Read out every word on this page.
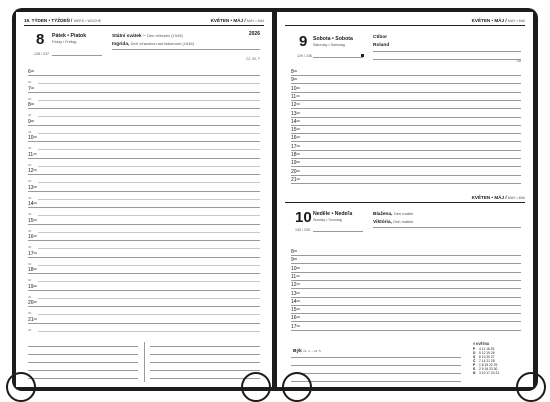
19. TÝDEN • TÝŽDEŇ / WEEK • WOCHE	KVĚTEN • MÁJ / MAY • MAI
8 Pátek • Piatok
Friday • Freitag
128 / 237
Státní svátek – Den vítězství (1945)
Ingrida, Deň víťazstva nad fašizmom (1945)
2026
CZ, SK, F
$6^{00}$
30
$7^{00}$
30
$8^{00}$
30
$9^{00}$
30
$10^{00}$
30
$11^{00}$
30
$12^{00}$
30
$13^{00}$
30
$14^{00}$
30
$15^{00}$
30
$16^{00}$
30
$17^{00}$
30
$18^{00}$
30
$19^{00}$
30
$20^{00}$
30
$21^{00}$
30
KVĚTEN • MÁJ / MAY • MAI
9 Sobota • Sobota
Saturday • Samstag
129 / 236
Ctibor
Roland
UA
$8^{00}$
$9^{00}$
$10^{00}$
$11^{00}$
$12^{00}$
$13^{00}$
$14^{00}$
$15^{00}$
$16^{00}$
$17^{00}$
$18^{00}$
$19^{00}$
$20^{00}$
$21^{00}$
KVĚTEN • MÁJ / MAY • MAI
10 Neděle • Nedeľa
Sunday • Sonntag
130 / 235
Blažena, Den matek
Viktória, Deň matiek
$8^{00}$
$9^{00}$
$10^{00}$
$11^{00}$
$12^{00}$
$13^{00}$
$14^{00}$
$15^{00}$
$16^{00}$
$17^{00}$
Býk 21. 4. – 21. 5.
V KVĚTNU
P 4 11 18 25
Ú 5 12 19 26
S 6 13 20 27
Č 7 14 21 28
P 1 8 15 22 29
S 2 9 16 23 30
N 3 10 17 24 31
